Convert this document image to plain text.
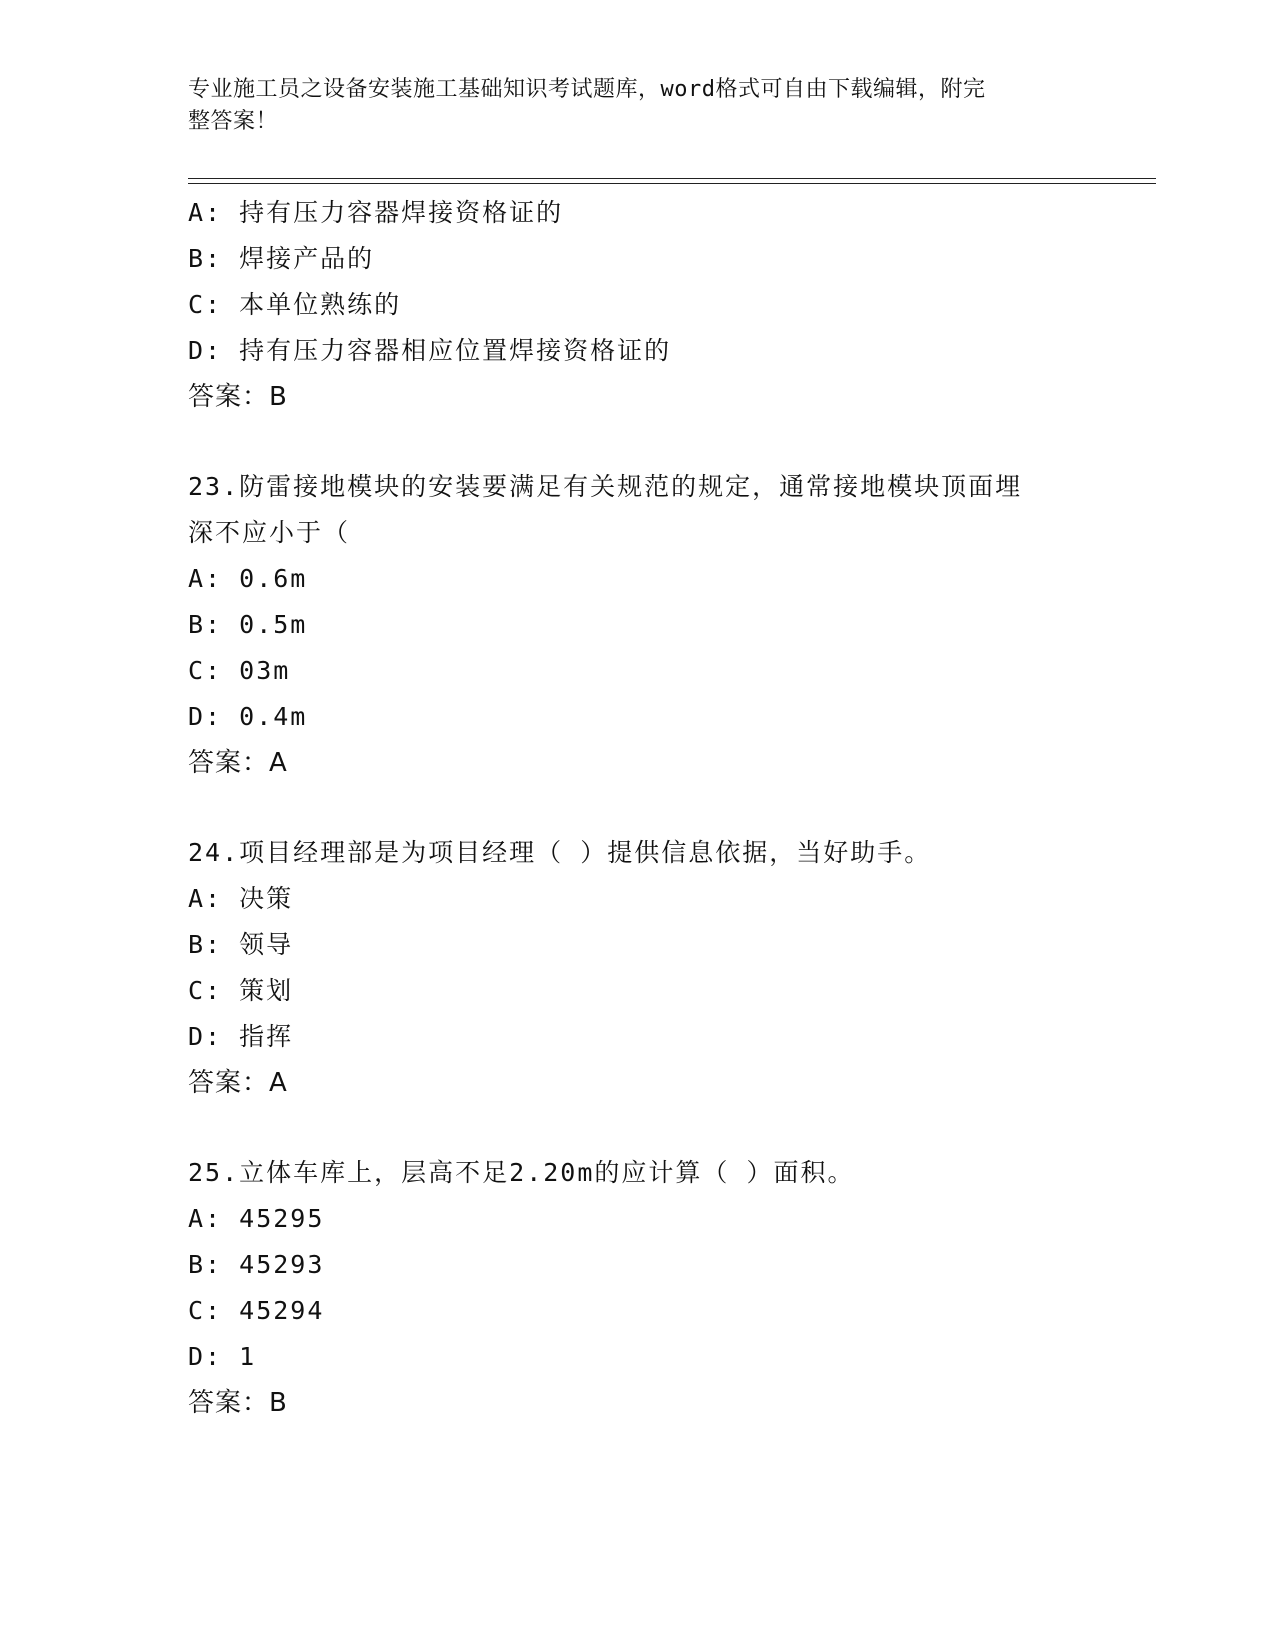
专业施工员之设备安装施工基础知识考试题库，word格式可自由下载编辑，附完
整答案！
A: 持有压力容器焊接资格证的
B: 焊接产品的
C: 本单位熟练的
D: 持有压力容器相应位置焊接资格证的
答案：B
23.防雷接地模块的安装要满足有关规范的规定，通常接地模块顶面埋
深不应小于（
A: 0.6m
B: 0.5m
C: 03m
D: 0.4m
答案：A
24.项目经理部是为项目经理（ ）提供信息依据，当好助手。
A: 决策
B: 领导
C: 策划
D: 指挥
答案：A
25.立体车库上，层高不足2.20m的应计算（ ）面积。
A: 45295
B: 45293
C: 45294
D: 1
答案：B
